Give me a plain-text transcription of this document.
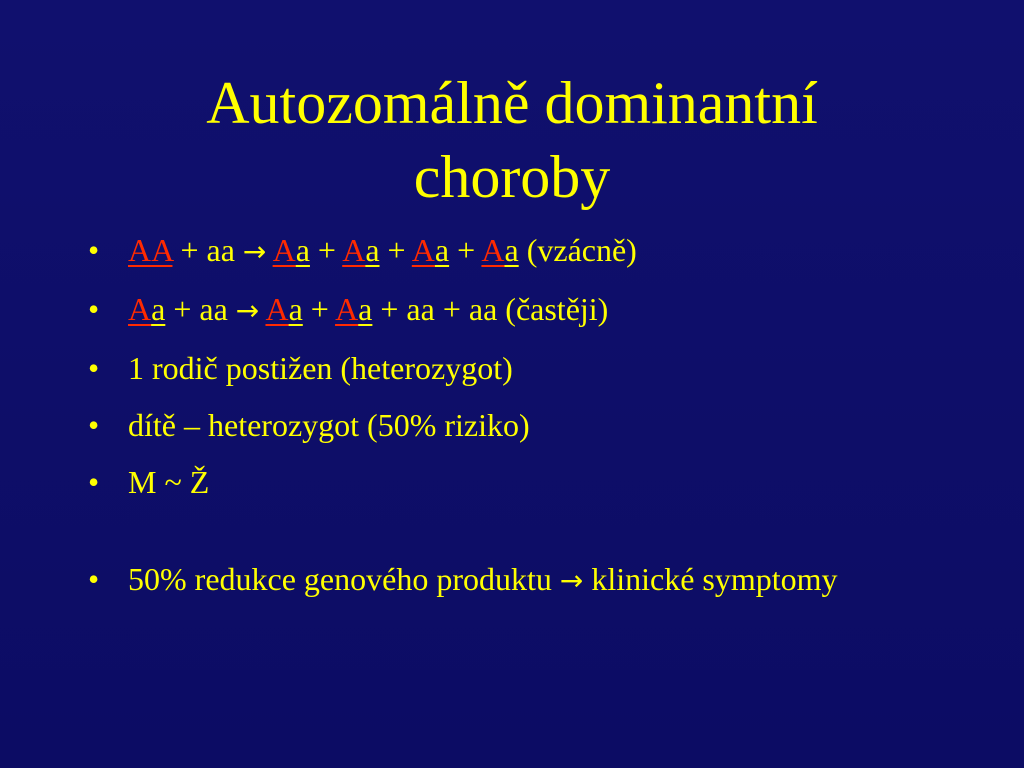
Autozomálně dominantní
choroby
• AA + aa → Aa + Aa + Aa + Aa (vzácně)
• Aa + aa → Aa + Aa + aa + aa (častěji)
• 1 rodič postižen (heterozygot)
• dítě – heterozygot (50% riziko)
• M ~ Ž
• 50% redukce genového produktu → klinické symptomy
